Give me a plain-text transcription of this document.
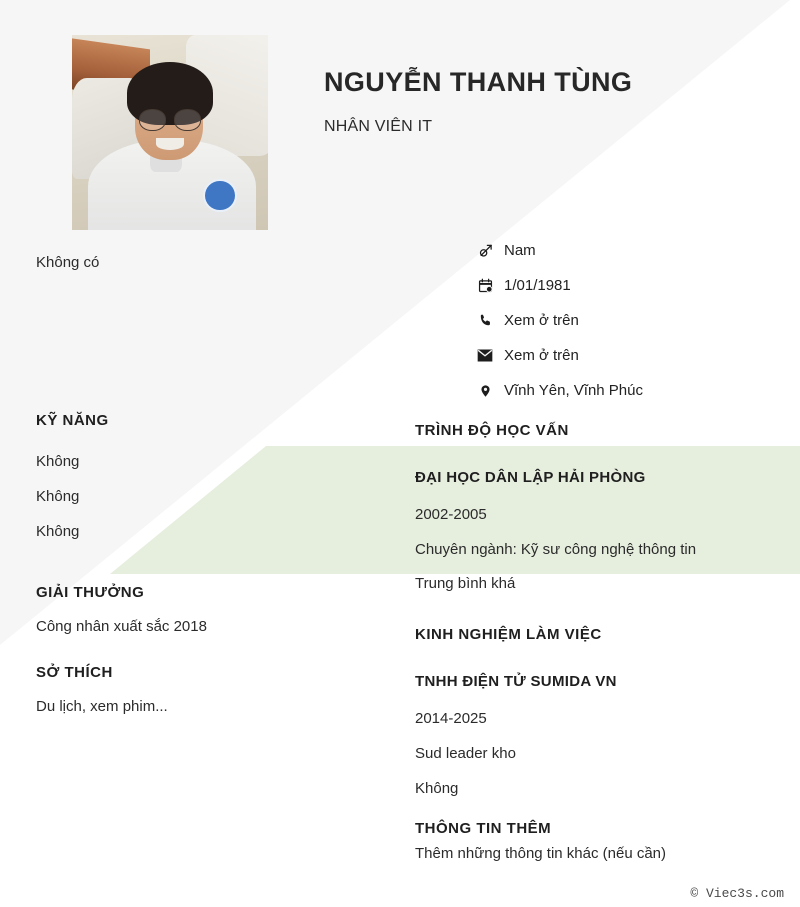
NGUYỄN THANH TÙNG
NHÂN VIÊN IT
Không có
Nam
1/01/1981
Xem ở trên
Xem ở trên
Vĩnh Yên, Vĩnh Phúc
KỸ NĂNG
Không
Không
Không
GIẢI THƯỞNG
Công nhân xuất sắc 2018
SỞ THÍCH
Du lịch, xem phim...
TRÌNH ĐỘ HỌC VẤN
ĐẠI HỌC DÂN LẬP HẢI PHÒNG
2002-2005
Chuyên ngành: Kỹ sư công nghệ thông tin
Trung bình khá
KINH NGHIỆM LÀM VIỆC
TNHH ĐIỆN TỬ SUMIDA VN
2014-2025
Sud leader kho
Không
THÔNG TIN THÊM
Thêm những thông tin khác (nếu cần)
© Viec3s.com
